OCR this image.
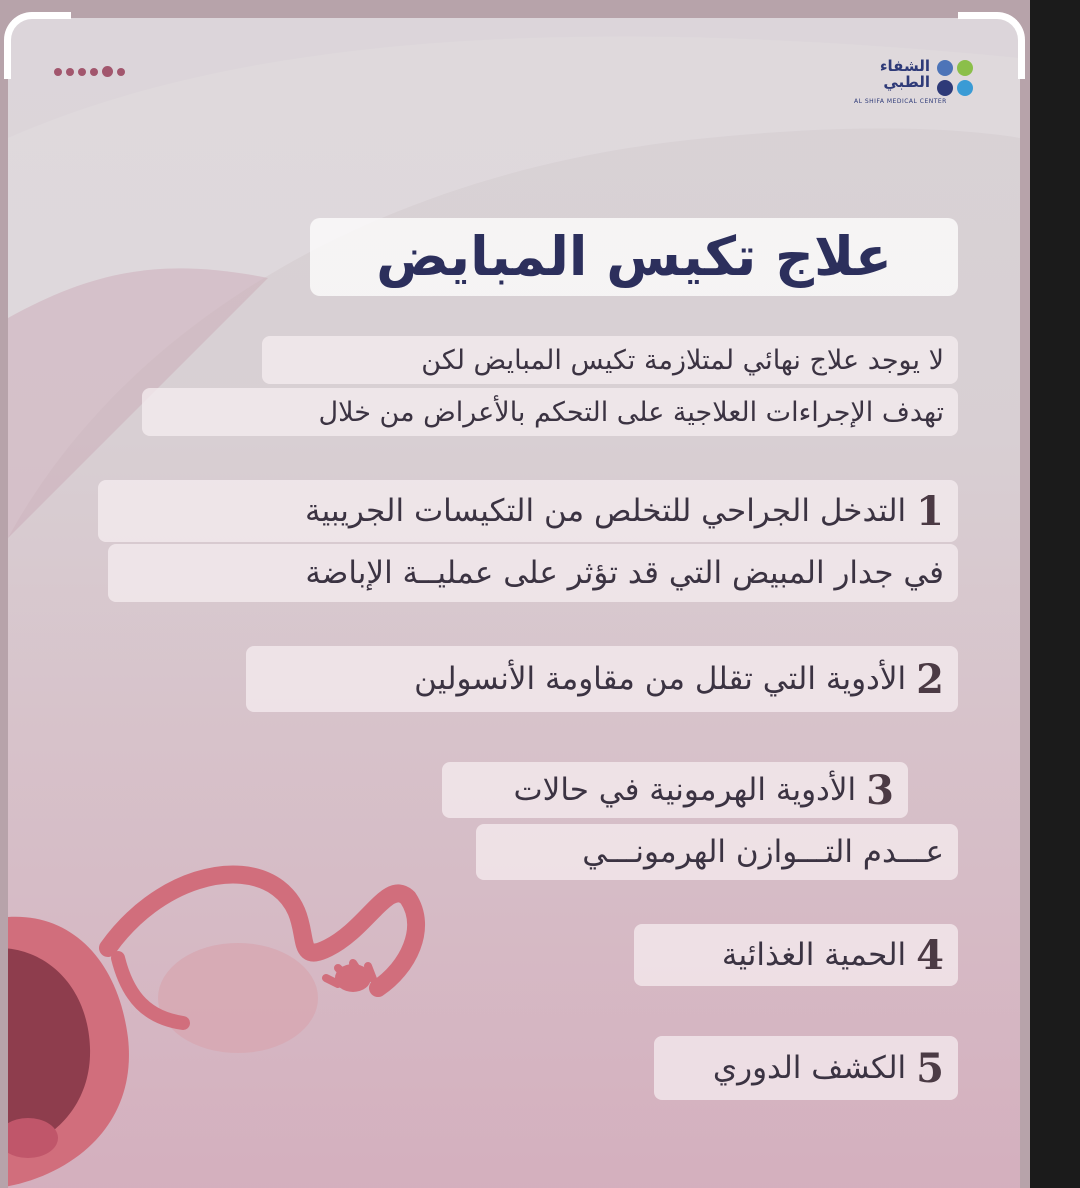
الشفاء الطبي
AL SHIFA MEDICAL CENTER
علاج تكيس المبايض
لا يوجد علاج نهائي لمتلازمة تكيس المبايض لكن
تهدف الإجراءات العلاجية على التحكم بالأعراض من خلال
1
التدخل الجراحي للتخلص من التكيسات الجريبية
في جدار المبيض التي قد تؤثر على عمليــة الإباضة
2
الأدوية التي تقلل من مقاومة الأنسولين
3
الأدوية الهرمونية في حالات
عـــدم التـــوازن الهرمونـــي
4
الحمية الغذائية
5
الكشف الدوري
